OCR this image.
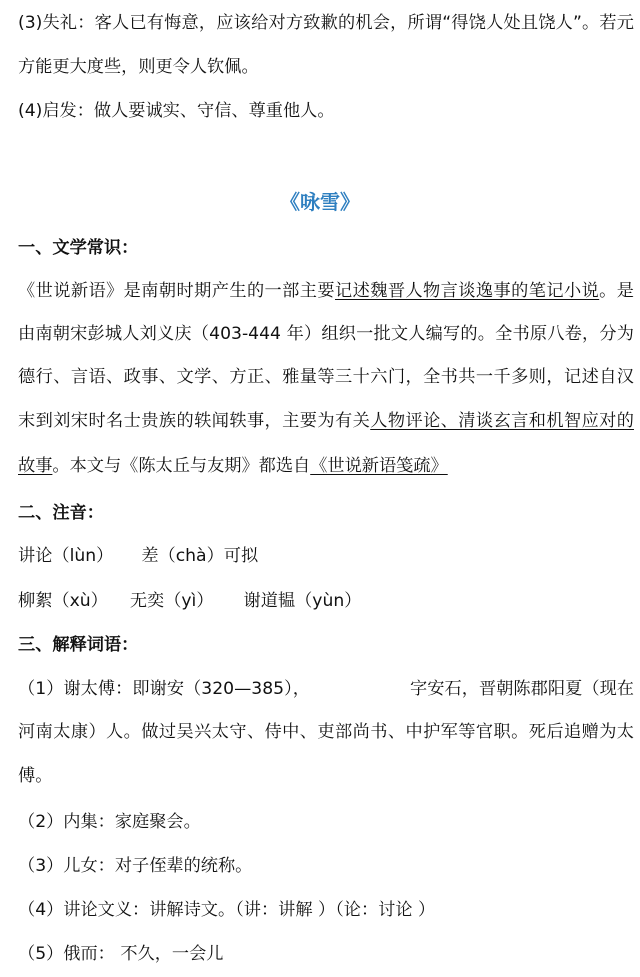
(3)失礼：客人已有悔意，应该给对方致歉的机会，所谓“得饶人处且饶人”。若元
方能更大度些，则更令人钦佩。
(4)启发：做人要诚实、守信、尊重他人。
《咏雪》
一、文学常识：
《世说新语》是南朝时期产生的一部主要记述魏晋人物言谈逸事的笔记小说。是
由南朝宋彭城人刘义庆（403-444 年）组织一批文人编写的。全书原八卷，分为
德行、言语、政事、文学、方正、雅量等三十六门，全书共一千多则，记述自汉
末到刘宋时名士贵族的轶闻轶事，主要为有关人物评论、清谈玄言和机智应对的
故事。本文与《陈太丘与友期》都选自《世说新语笺疏》
二、注音：
讲论（lùn） 差（chà）可拟
柳絮（xù） 无奕（yì） 谢道韫（yùn）
三、解释词语：
（1）谢太傅：即谢安（320—385），	字安石，晋朝陈郡阳夏（现在
河南太康）人。做过吴兴太守、侍中、吏部尚书、中护军等官职。死后追赠为太
傅。
（2）内集：家庭聚会。
（3）儿女：对子侄辈的统称。
（4）讲论文义：讲解诗文。（讲：讲解 ）（论：讨论 ）
（5）俄而： 不久，一会儿
